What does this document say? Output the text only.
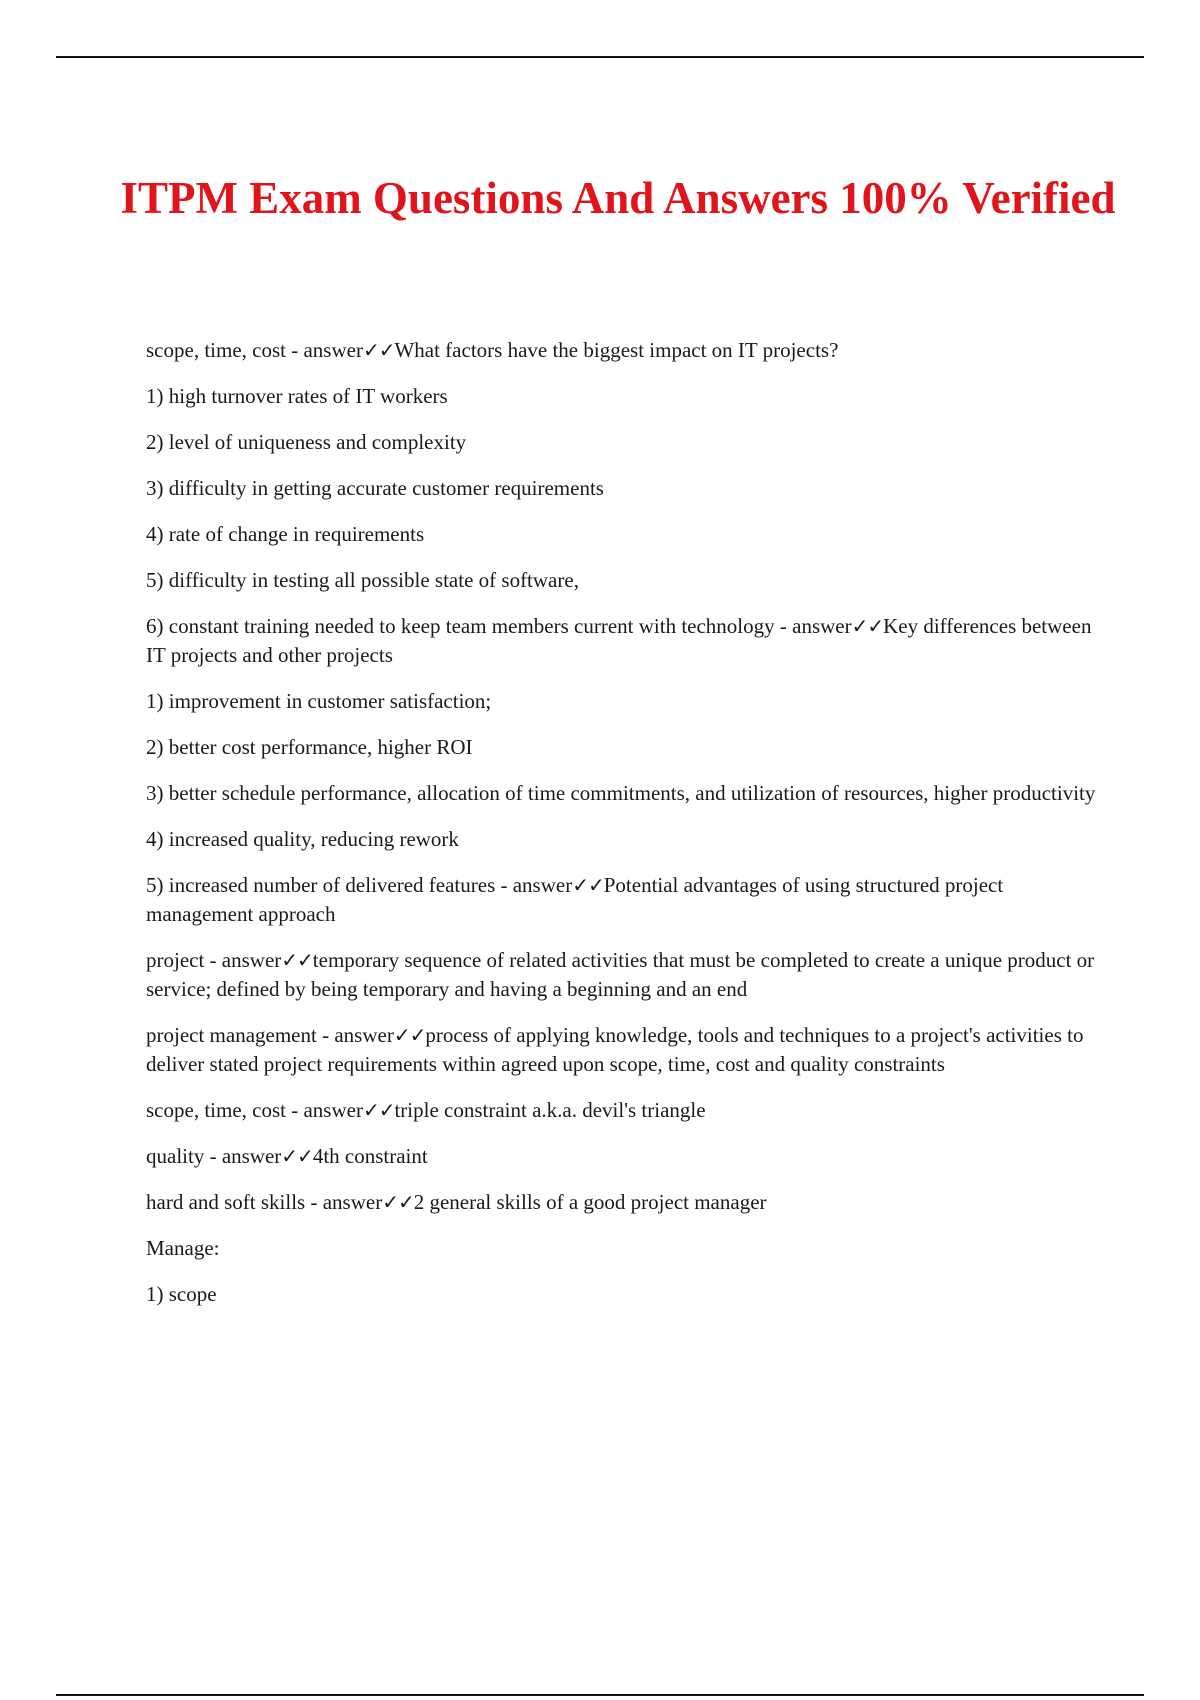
ITPM Exam Questions And Answers 100% Verified

scope, time, cost - answer✓✓What factors have the biggest impact on IT projects?

1) high turnover rates of IT workers

2) level of uniqueness and complexity

3) difficulty in getting accurate customer requirements

4) rate of change in requirements

5) difficulty in testing all possible state of software,

6) constant training needed to keep team members current with technology - answer✓✓Key differences between IT projects and other projects

1) improvement in customer satisfaction;

2) better cost performance, higher ROI

3) better schedule performance, allocation of time commitments, and utilization of resources, higher productivity

4) increased quality, reducing rework

5) increased number of delivered features - answer✓✓Potential advantages of using structured project management approach

project - answer✓✓temporary sequence of related activities that must be completed to create a unique product or service; defined by being temporary and having a beginning and an end

project management - answer✓✓process of applying knowledge, tools and techniques to a project's activities to deliver stated project requirements within agreed upon scope, time, cost and quality constraints

scope, time, cost - answer✓✓triple constraint a.k.a. devil's triangle

quality - answer✓✓4th constraint

hard and soft skills - answer✓✓2 general skills of a good project manager

Manage:

1) scope
